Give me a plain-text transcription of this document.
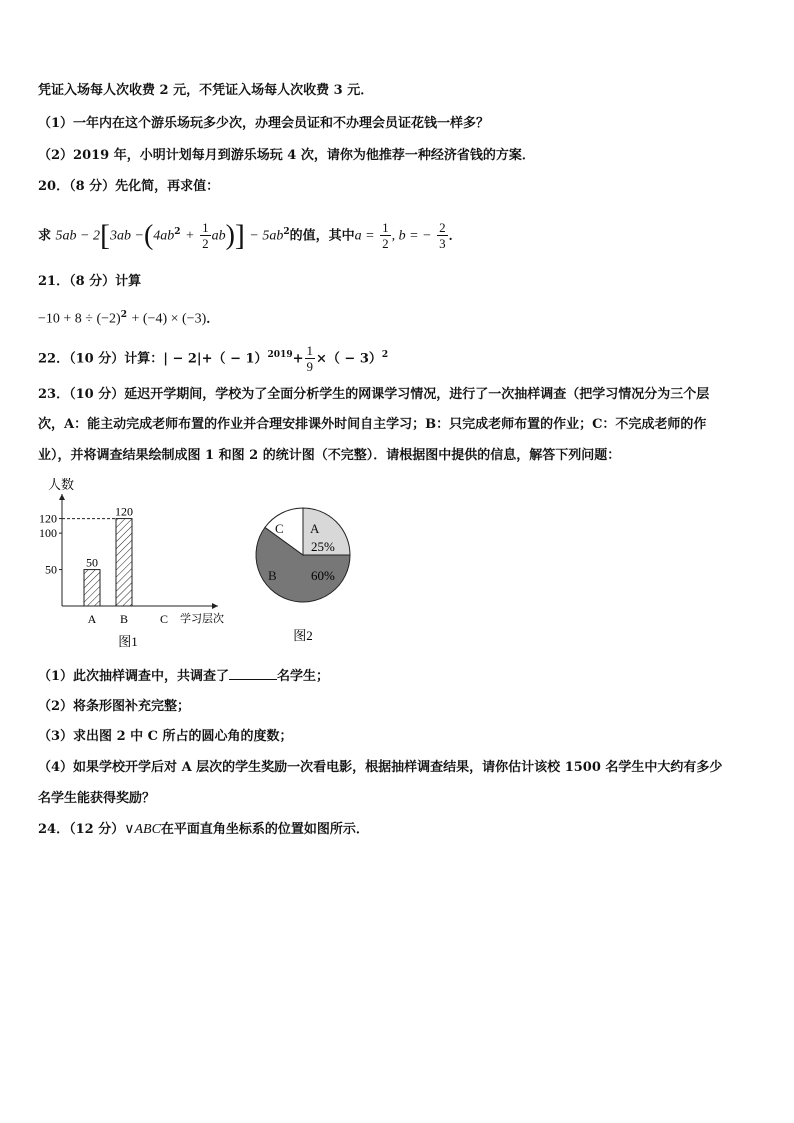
凭证入场每人次收费 2 元，不凭证入场每人次收费 3 元．
（1）一年内在这个游乐场玩多少次，办理会员证和不办理会员证花钱一样多？
（2）2019 年，小明计划每月到游乐场玩 4 次，请你为他推荐一种经济省钱的方案．
20．（8 分）先化简，再求值：
求 $5ab - 2[3ab -(4ab^2 + \frac{1}{2} ab)] - 5ab^2$的值，其中$a = \frac{1}{2}$ , b = − $\frac{2}{3}$ ．
21．（8 分）计算
$-10 + 8 \div (-2)^2 + (-4) \times (-3)$．
22．（10 分）计算：| − $2|+( - 1)^{2019}+ \frac{1}{9}$ ×（ − 3）$^2$
23．（10 分）延迟开学期间，学校为了全面分析学生的网课学习情况，进行了一次抽样调查（把学习情况分为三个层
次，A：能主动完成老师布置的作业并合理安排课外时间自主学习；B：只完成老师布置的作业；C：不完成老师的作
业），并将调查结果绘制成图 1 和图 2 的统计图（不完整）．请根据图中提供的信息，解答下列问题：
人数
学习层次
50
100
120
A
50
B
120
C
图1
A
25%
B	60%
C
图2
（1）此次抽样调查中，共调查了	名学生；
（2）将条形图补充完整；
（3）求出图 2 中 C 所占的圆心角的度数；
（4）如果学校开学后对 A 层次的学生奖励一次看电影，根据抽样调查结果，请你估计该校 1500 名学生中大约有多少
名学生能获得奖励？
24．（12 分）∨ABC在平面直角坐标系的位置如图所示．
